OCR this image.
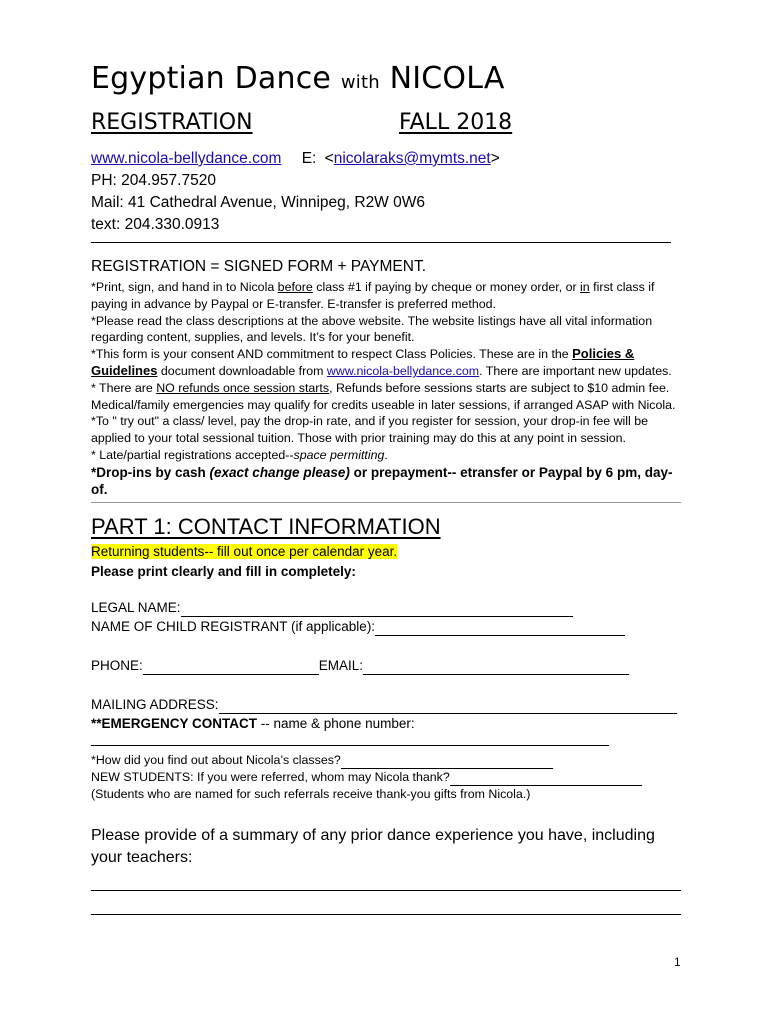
Egyptian Dance with NICOLA
REGISTRATION	FALL 2018
www.nicola-bellydance.com E: <nicolaraks@mymts.net>
PH: 204.957.7520
Mail: 41 Cathedral Avenue, Winnipeg, R2W 0W6
text: 204.330.0913
REGISTRATION = SIGNED FORM + PAYMENT.
*Print, sign, and hand in to Nicola before class #1 if paying by cheque or money order, or in first class if paying in advance by Paypal or E-transfer. E-transfer is preferred method.
*Please read the class descriptions at the above website. The website listings have all vital information regarding content, supplies, and levels. It’s for your benefit.
*This form is your consent AND commitment to respect Class Policies. These are in the Policies & Guidelines document downloadable from www.nicola-bellydance.com. There are important new updates.
* There are NO refunds once session starts, Refunds before sessions starts are subject to $10 admin fee. Medical/family emergencies may qualify for credits useable in later sessions, if arranged ASAP with Nicola.
*To " try out" a class/ level, pay the drop-in rate, and if you register for session, your drop-in fee will be applied to your total sessional tuition. Those with prior training may do this at any point in session.
* Late/partial registrations accepted--space permitting.
*Drop-ins by cash (exact change please) or prepayment-- etransfer or Paypal by 6 pm, day-of.
PART 1: CONTACT INFORMATION
Returning students-- fill out once per calendar year.
Please print clearly and fill in completely:
LEGAL NAME:
NAME OF CHILD REGISTRANT (if applicable):
PHONE:	EMAIL:
MAILING ADDRESS:
**EMERGENCY CONTACT -- name & phone number:
*How did you find out about Nicola’s classes?
NEW STUDENTS: If you were referred, whom may Nicola thank?
(Students who are named for such referrals receive thank-you gifts from Nicola.)
Please provide of a summary of any prior dance experience you have, including your teachers:
1
